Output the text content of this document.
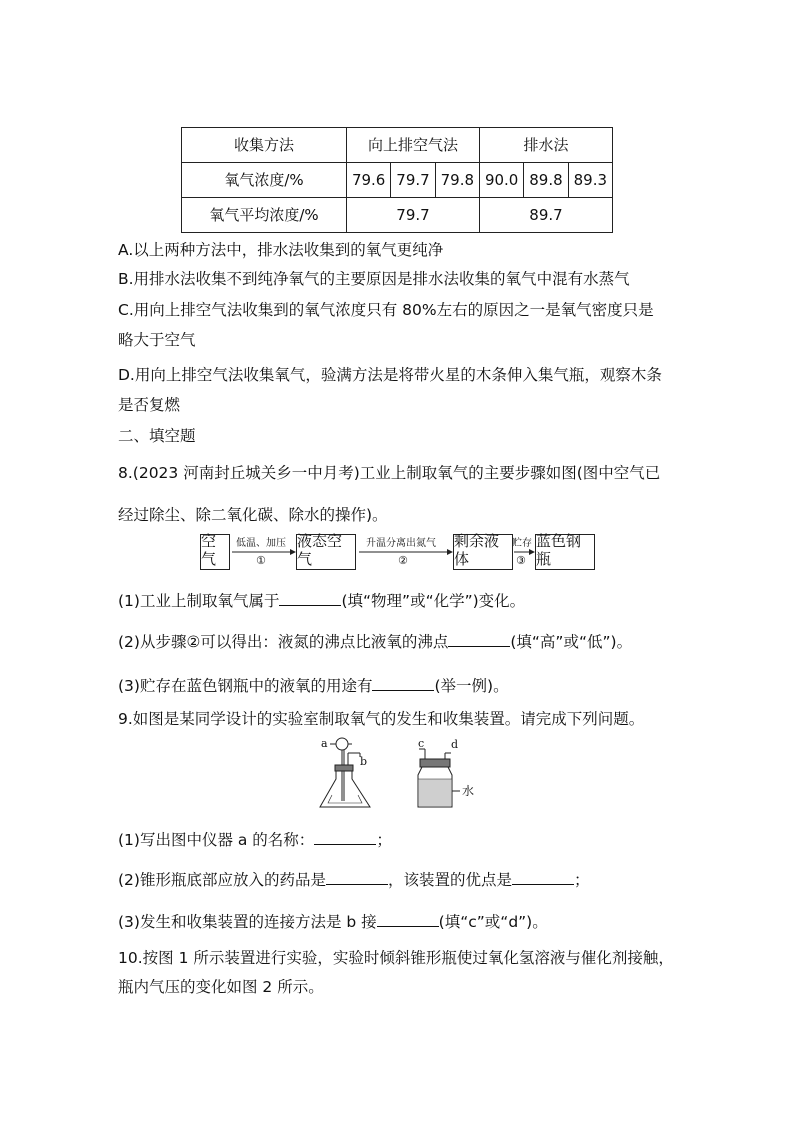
收集方法	向上排空气法			排水法		
氧气浓度/%	79.6	79.7	79.8	90.0	89.8	89.3
氧气平均浓度/%	79.7			89.7		
A.以上两种方法中，排水法收集到的氧气更纯净
B.用排水法收集不到纯净氧气的主要原因是排水法收集的氧气中混有水蒸气
C.用向上排空气法收集到的氧气浓度只有 80%左右的原因之一是氧气密度只是
略大于空气
D.用向上排空气法收集氧气，验满方法是将带火星的木条伸入集气瓶，观察木条
是否复燃
二、填空题
8.(2023 河南封丘城关乡一中月考)工业上制取氧气的主要步骤如图(图中空气已
经过除尘、除二氧化碳、除水的操作)。
空气
低温、加压
①
液态空气
升温分离出氮气
②
剩余液体
贮存
③
蓝色钢瓶
(1)工业上制取氧气属于	(填“物理”或“化学”)变化。
(2)从步骤②可以得出：液氮的沸点比液氧的沸点	(填“高”或“低”)。
(3)贮存在蓝色钢瓶中的液氧的用途有	(举一例)。
9.如图是某同学设计的实验室制取氧气的发生和收集装置。请完成下列问题。
a
b
c d
水
(1)写出图中仪器 a 的名称：	；
(2)锥形瓶底部应放入的药品是	，该装置的优点是	；
(3)发生和收集装置的连接方法是 b 接	(填“c”或“d”)。
10.按图 1 所示装置进行实验，实验时倾斜锥形瓶使过氧化氢溶液与催化剂接触，
瓶内气压的变化如图 2 所示。
